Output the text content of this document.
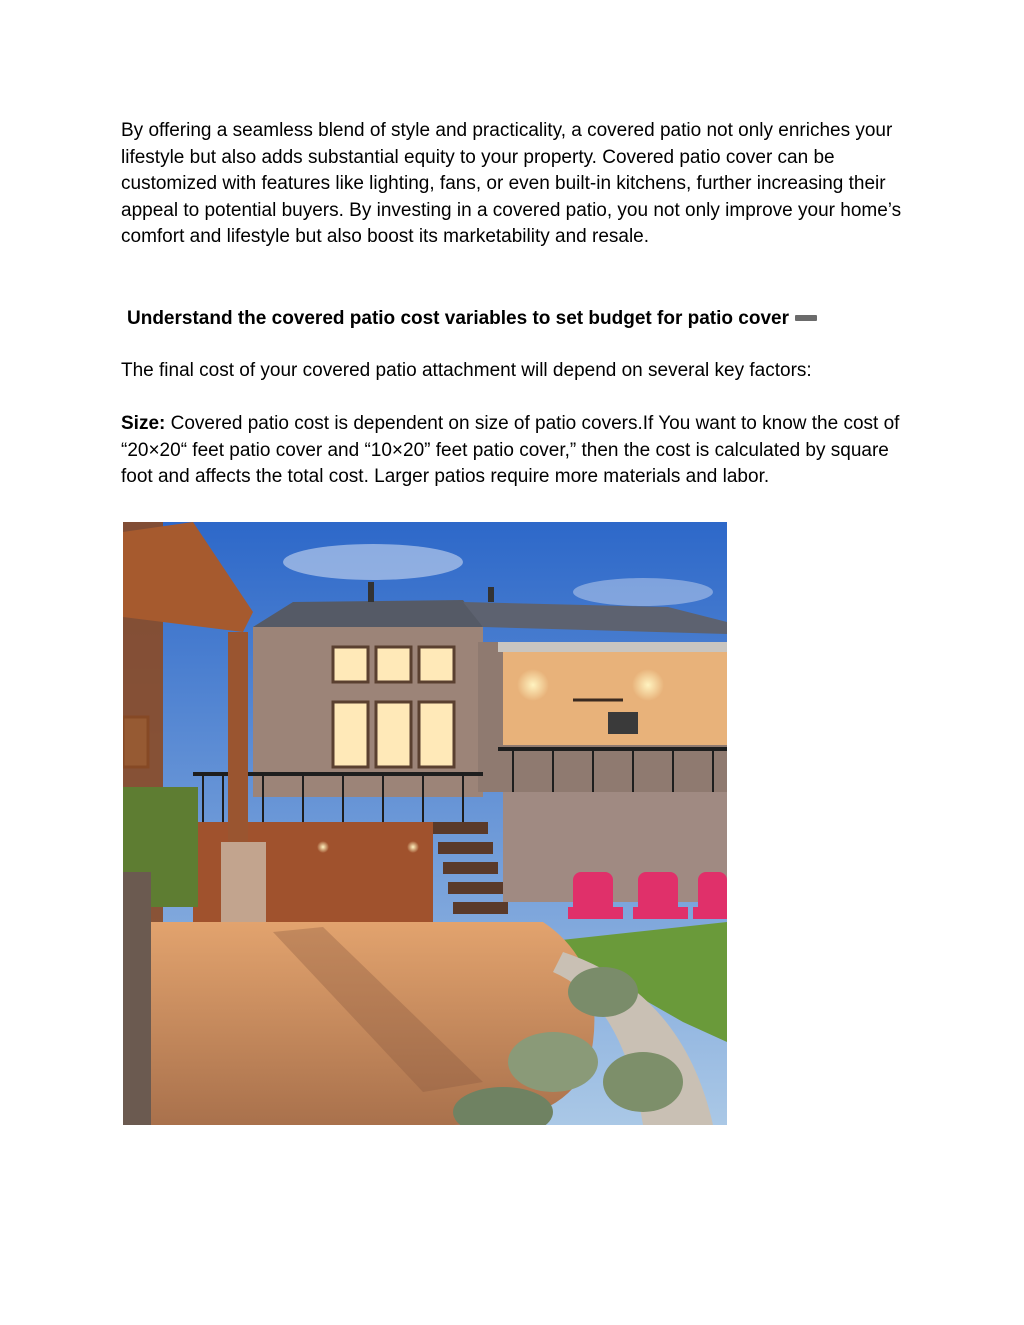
By offering a seamless blend of style and practicality, a covered patio not only enriches your lifestyle but also adds substantial equity to your property. Covered patio cover can be customized with features like lighting, fans, or even built-in kitchens, further increasing their appeal to potential buyers. By investing in a covered patio, you not only improve your home’s comfort and lifestyle but also boost its marketability and resale.

Understand the covered patio cost variables to set budget for patio cover

The final cost of your covered patio attachment will depend on several key factors:

Size: Covered patio cost is dependent on size of patio covers.If You want to know the cost of “20×20“ feet patio cover and “10×20” feet patio cover,” then the cost is calculated by square foot and affects the total cost. Larger patios require more materials and labor.
